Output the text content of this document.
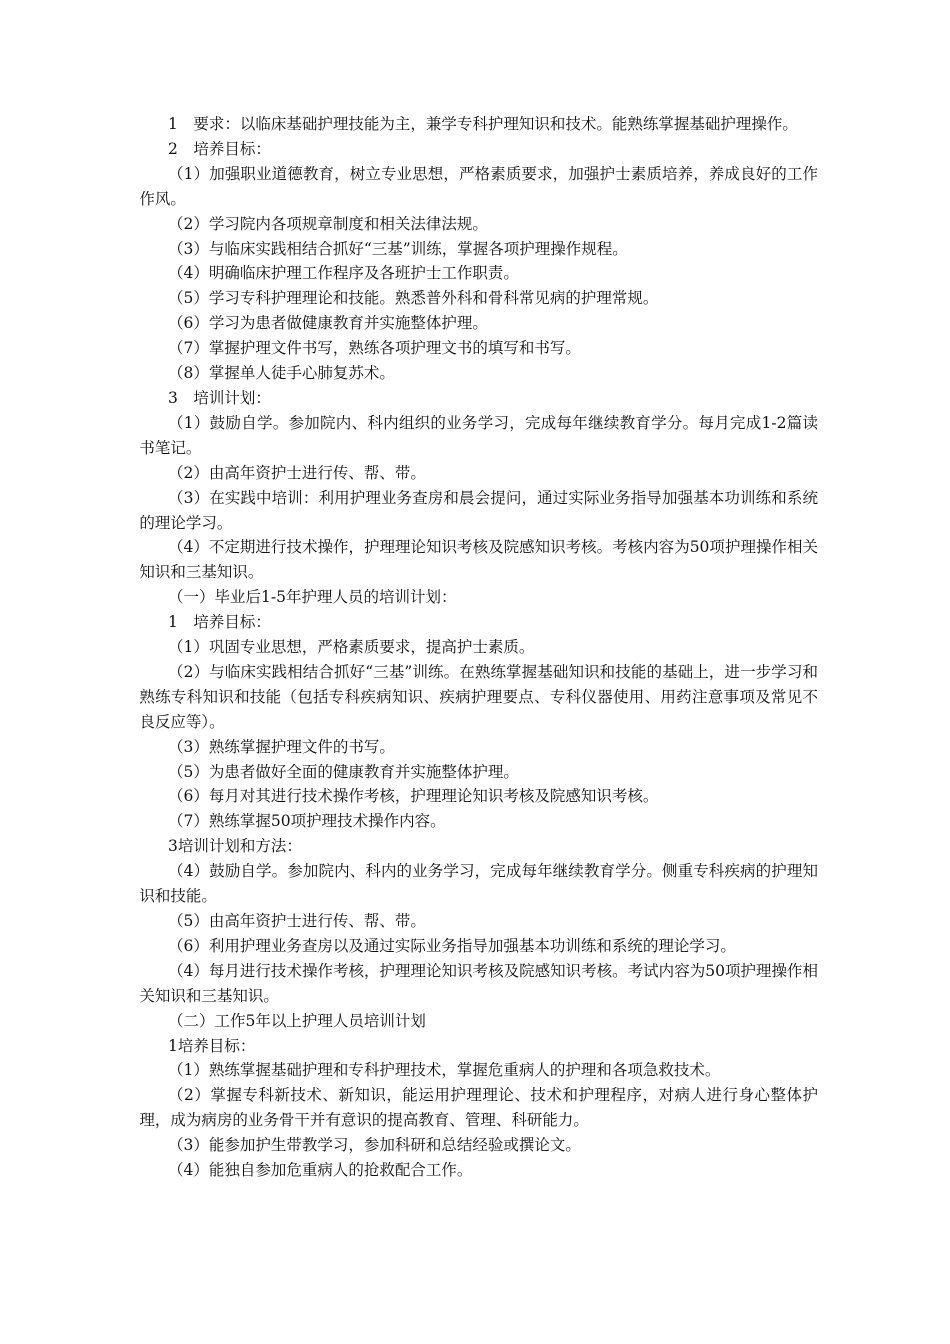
1　要求：以临床基础护理技能为主，兼学专科护理知识和技术。能熟练掌握基础护理操作。

2　培养目标：

（1）加强职业道德教育，树立专业思想，严格素质要求，加强护士素质培养，养成良好的工作作风。

（2）学习院内各项规章制度和相关法律法规。

（3）与临床实践相结合抓好“三基”训练，掌握各项护理操作规程。

（4）明确临床护理工作程序及各班护士工作职责。

（5）学习专科护理理论和技能。熟悉普外科和骨科常见病的护理常规。

（6）学习为患者做健康教育并实施整体护理。

（7）掌握护理文件书写，熟练各项护理文书的填写和书写。

（8）掌握单人徒手心肺复苏术。

3　培训计划：

（1）鼓励自学。参加院内、科内组织的业务学习，完成每年继续教育学分。每月完成1-2篇读书笔记。

（2）由高年资护士进行传、帮、带。

（3）在实践中培训：利用护理业务查房和晨会提问，通过实际业务指导加强基本功训练和系统的理论学习。

（4）不定期进行技术操作，护理理论知识考核及院感知识考核。考核内容为50项护理操作相关知识和三基知识。

（一）毕业后1-5年护理人员的培训计划：

1　培养目标：

（1）巩固专业思想，严格素质要求，提高护士素质。

（2）与临床实践相结合抓好“三基”训练。在熟练掌握基础知识和技能的基础上，进一步学习和熟练专科知识和技能（包括专科疾病知识、疾病护理要点、专科仪器使用、用药注意事项及常见不良反应等）。

（3）熟练掌握护理文件的书写。

（5）为患者做好全面的健康教育并实施整体护理。

（6）每月对其进行技术操作考核，护理理论知识考核及院感知识考核。

（7）熟练掌握50项护理技术操作内容。

3培训计划和方法：

（4）鼓励自学。参加院内、科内的业务学习，完成每年继续教育学分。侧重专科疾病的护理知识和技能。

（5）由高年资护士进行传、帮、带。

（6）利用护理业务查房以及通过实际业务指导加强基本功训练和系统的理论学习。

（4）每月进行技术操作考核，护理理论知识考核及院感知识考核。考试内容为50项护理操作相关知识和三基知识。

（二）工作5年以上护理人员培训计划

1培养目标：

（1）熟练掌握基础护理和专科护理技术，掌握危重病人的护理和各项急救技术。

（2）掌握专科新技术、新知识，能运用护理理论、技术和护理程序，对病人进行身心整体护理，成为病房的业务骨干并有意识的提高教育、管理、科研能力。

（3）能参加护生带教学习，参加科研和总结经验或撰论文。

（4）能独自参加危重病人的抢救配合工作。
